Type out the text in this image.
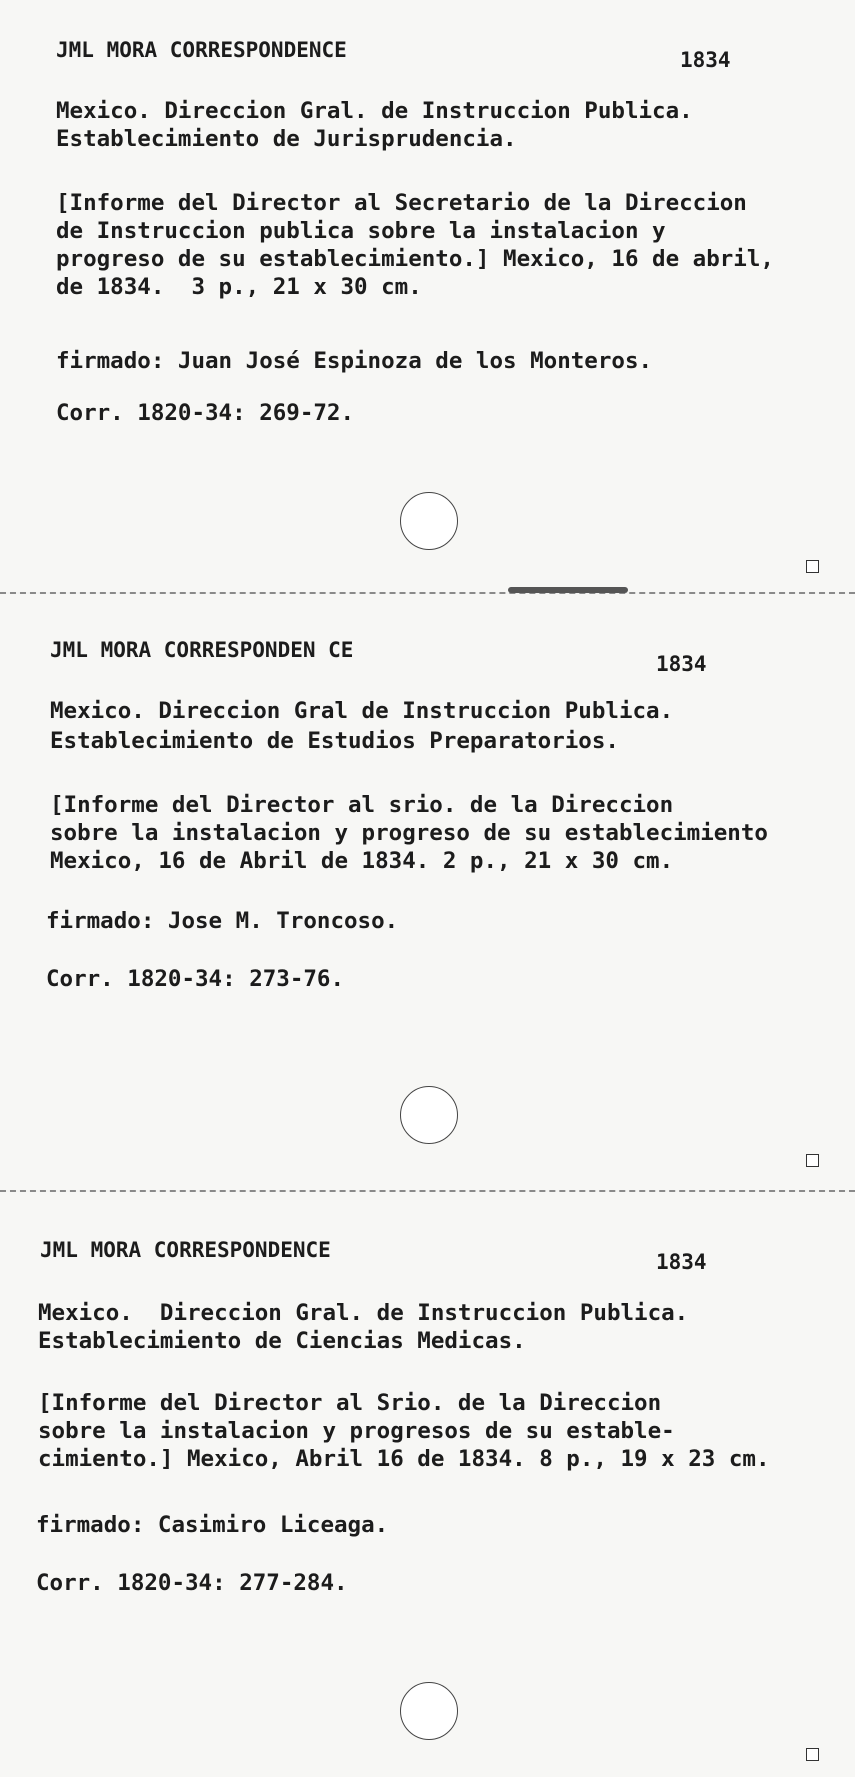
JML MORA CORRESPONDENCE	1834
Mexico. Direccion Gral. de Instruccion Publica.
Establecimiento de Jurisprudencia.
[Informe del Director al Secretario de la Direccion
de Instruccion publica sobre la instalacion y
progreso de su establecimiento.] Mexico, 16 de abril,
de 1834.  3 p., 21 x 30 cm.
firmado: Juan José Espinoza de los Monteros.
Corr. 1820-34: 269-72.
JML MORA CORRESPONDEN CE
1834
Mexico. Direccion Gral de Instruccion Publica.
Establecimiento de Estudios Preparatorios.
[Informe del Director al srio. de la Direccion
sobre la instalacion y progreso de su establecimiento
Mexico, 16 de Abril de 1834. 2 p., 21 x 30 cm.
firmado: Jose M. Troncoso.
Corr. 1820-34: 273-76.
JML MORA CORRESPONDENCE	1834
Mexico.  Direccion Gral. de Instruccion Publica.
Establecimiento de Ciencias Medicas.
[Informe del Director al Srio. de la Direccion
sobre la instalacion y progresos de su estable-
cimiento.] Mexico, Abril 16 de 1834. 8 p., 19 x 23 cm.
firmado: Casimiro Liceaga.
Corr. 1820-34: 277-284.
